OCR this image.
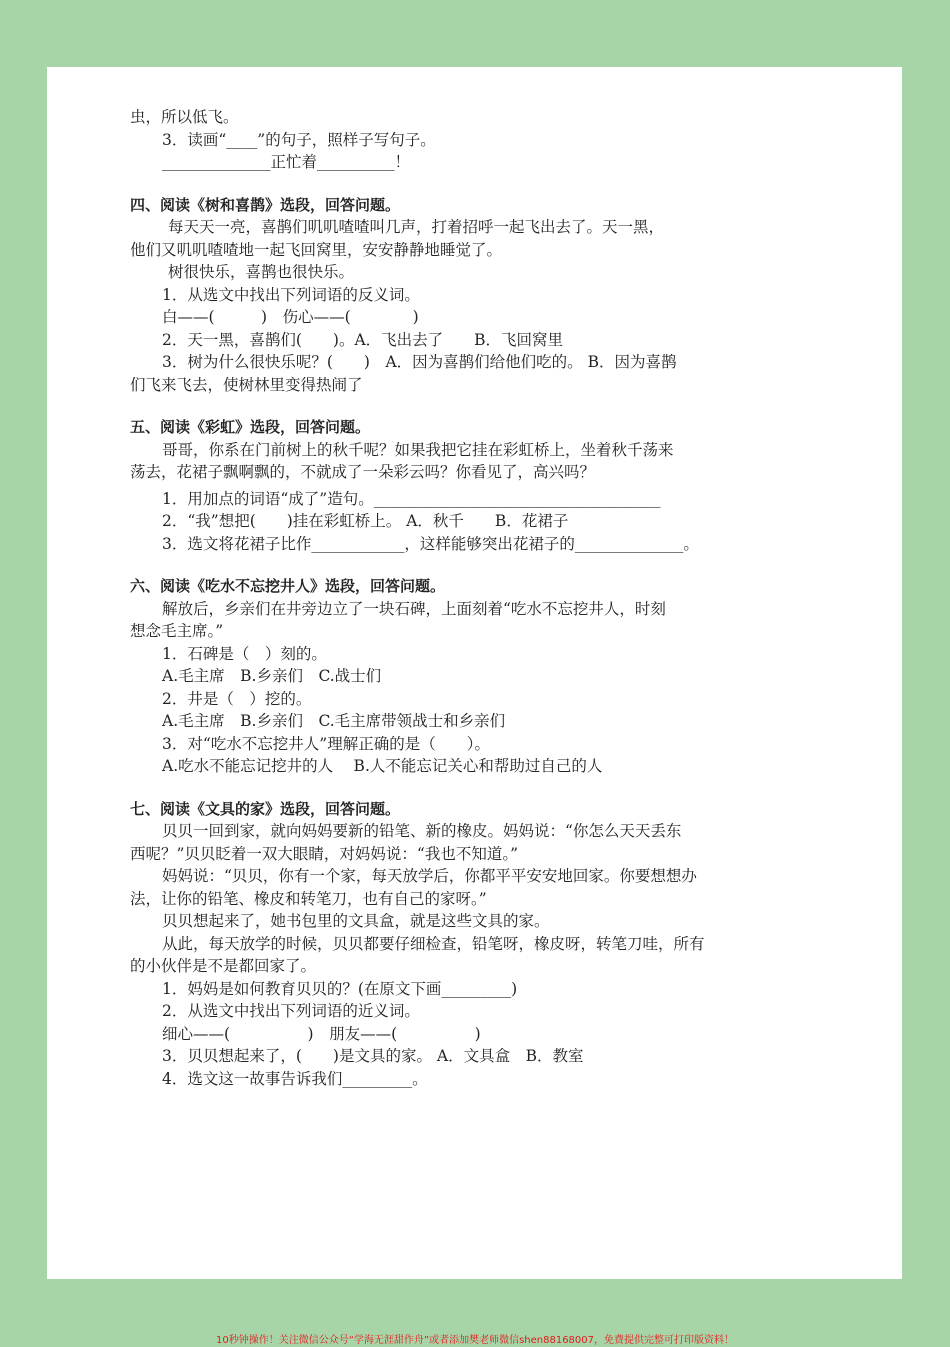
虫，所以低飞。
3．读画“____”的句子，照样子写句子。
______________正忙着__________！
四、阅读《树和喜鹊》选段，回答问题。
每天天一亮，喜鹊们叽叽喳喳叫几声，打着招呼一起飞出去了。天一黑，
他们又叽叽喳喳地一起飞回窝里，安安静静地睡觉了。
树很快乐，喜鹊也很快乐。
1．从选文中找出下列词语的反义词。
白——(　　　)　伤心——(　　　　)
2．天一黑，喜鹊们(　　)。A．飞出去了　　B．飞回窝里
3．树为什么很快乐呢？(　　)　A．因为喜鹊们给他们吃的。 B．因为喜鹊
们飞来飞去，使树林里变得热闹了
五、阅读《彩虹》选段，回答问题。
哥哥，你系在门前树上的秋千呢？如果我把它挂在彩虹桥上，坐着秋千荡来
荡去，花裙子飘啊飘的，不就成了一朵彩云吗？你看见了，高兴吗？
1．用加点的词语“成了”造句。_____________________________________
2．“我”想把(　　)挂在彩虹桥上。 A．秋千　　B．花裙子
3．选文将花裙子比作____________，这样能够突出花裙子的______________。
六、阅读《吃水不忘挖井人》选段，回答问题。
解放后，乡亲们在井旁边立了一块石碑，上面刻着“吃水不忘挖井人，时刻
想念毛主席。”
1．石碑是（　）刻的。
A.毛主席　B.乡亲们　C.战士们
2．井是（　）挖的。
A.毛主席　B.乡亲们　C.毛主席带领战士和乡亲们
3．对“吃水不忘挖井人”理解正确的是（　　）。
A.吃水不能忘记挖井的人　 B.人不能忘记关心和帮助过自己的人
七、阅读《文具的家》选段，回答问题。
贝贝一回到家，就向妈妈要新的铅笔、新的橡皮。妈妈说：“你怎么天天丢东
西呢？”贝贝眨着一双大眼睛，对妈妈说：“我也不知道。”
妈妈说：“贝贝，你有一个家，每天放学后，你都平平安安地回家。你要想想办
法，让你的铅笔、橡皮和转笔刀，也有自己的家呀。”
贝贝想起来了，她书包里的文具盒，就是这些文具的家。
从此，每天放学的时候，贝贝都要仔细检查，铅笔呀，橡皮呀，转笔刀哇，所有
的小伙伴是不是都回家了。
1．妈妈是如何教育贝贝的？(在原文下画_________)
2．从选文中找出下列词语的近义词。
细心——(　　　　　)　朋友——(　　　　　)
3．贝贝想起来了，(　　)是文具的家。 A．文具盒　B．教室
4．选文这一故事告诉我们_________。
10秒钟操作！关注微信公众号“学海无涯甜作舟”或者添加樊老师微信shen88168007，免费提供完整可打印版资料！
